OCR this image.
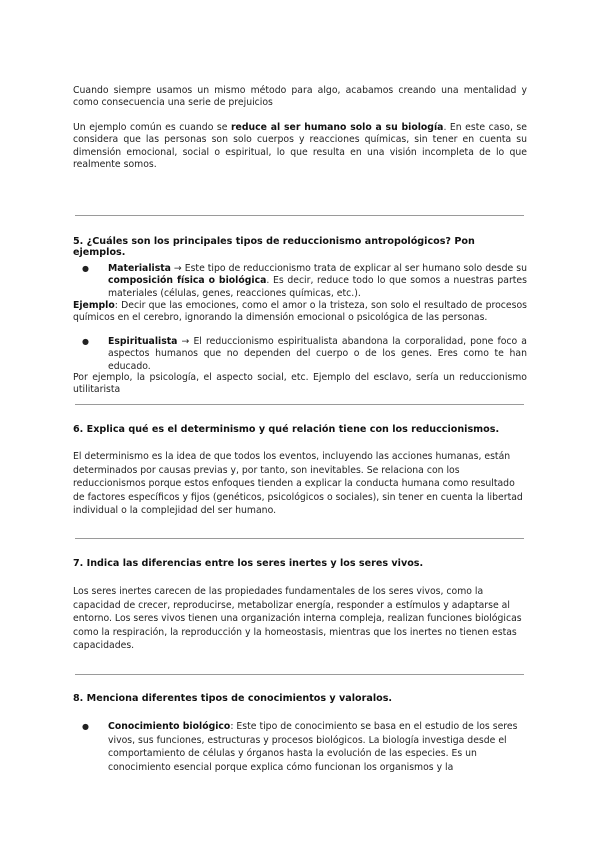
Cuando siempre usamos un mismo método para algo, acabamos creando una mentalidad y como consecuencia una serie de prejuicios

Un ejemplo común es cuando se reduce al ser humano solo a su biología. En este caso, se considera que las personas son solo cuerpos y reacciones químicas, sin tener en cuenta su dimensión emocional, social o espiritual, lo que resulta en una visión incompleta de lo que realmente somos.

5. ¿Cuáles son los principales tipos de reduccionismo antropológicos? Pon ejemplos.

● Materialista → Este tipo de reduccionismo trata de explicar al ser humano solo desde su composición física o biológica. Es decir, reduce todo lo que somos a nuestras partes materiales (células, genes, reacciones químicas, etc.).

Ejemplo: Decir que las emociones, como el amor o la tristeza, son solo el resultado de procesos químicos en el cerebro, ignorando la dimensión emocional o psicológica de las personas.

● Espiritualista → El reduccionismo espiritualista abandona la corporalidad, pone foco a aspectos humanos que no dependen del cuerpo o de los genes. Eres como te han educado.

Por ejemplo, la psicología, el aspecto social, etc. Ejemplo del esclavo, sería un reduccionismo utilitarista

6. Explica qué es el determinismo y qué relación tiene con los reduccionismos.

El determinismo es la idea de que todos los eventos, incluyendo las acciones humanas, están determinados por causas previas y, por tanto, son inevitables. Se relaciona con los reduccionismos porque estos enfoques tienden a explicar la conducta humana como resultado de factores específicos y fijos (genéticos, psicológicos o sociales), sin tener en cuenta la libertad individual o la complejidad del ser humano.

7. Indica las diferencias entre los seres inertes y los seres vivos.

Los seres inertes carecen de las propiedades fundamentales de los seres vivos, como la capacidad de crecer, reproducirse, metabolizar energía, responder a estímulos y adaptarse al entorno. Los seres vivos tienen una organización interna compleja, realizan funciones biológicas como la respiración, la reproducción y la homeostasis, mientras que los inertes no tienen estas capacidades.

8. Menciona diferentes tipos de conocimientos y valoralos.

● Conocimiento biológico: Este tipo de conocimiento se basa en el estudio de los seres vivos, sus funciones, estructuras y procesos biológicos. La biología investiga desde el comportamiento de células y órganos hasta la evolución de las especies. Es un conocimiento esencial porque explica cómo funcionan los organismos y la
